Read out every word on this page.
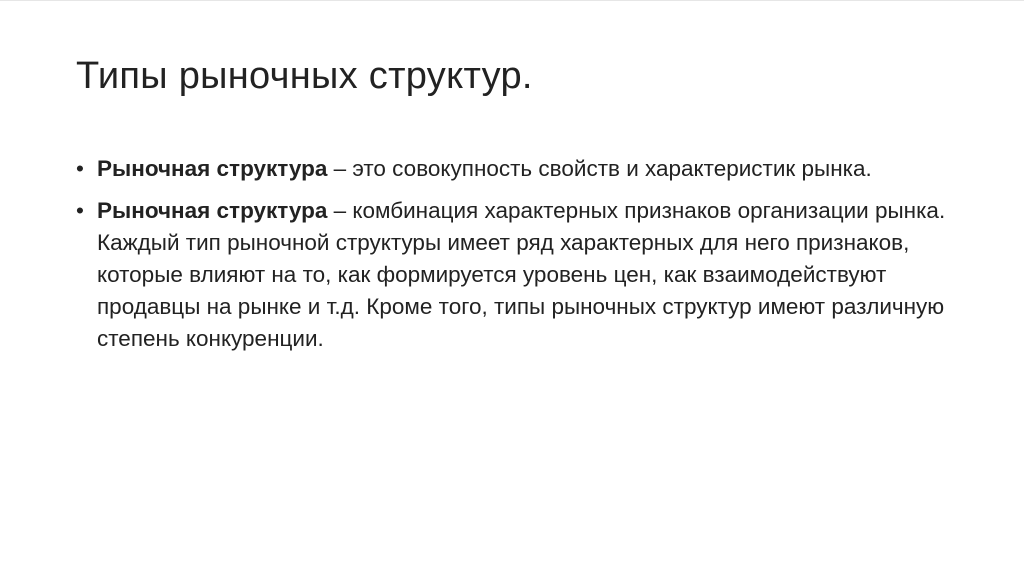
Типы рыночных структур.
• Рыночная структура – это совокупность свойств и характеристик рынка.
• Рыночная структура – комбинация характерных признаков организации рынка. Каждый тип рыночной структуры имеет ряд характерных для него признаков, которые влияют на то, как формируется уровень цен, как взаимодействуют продавцы на рынке и т.д. Кроме того, типы рыночных структур имеют различную степень конкуренции.
